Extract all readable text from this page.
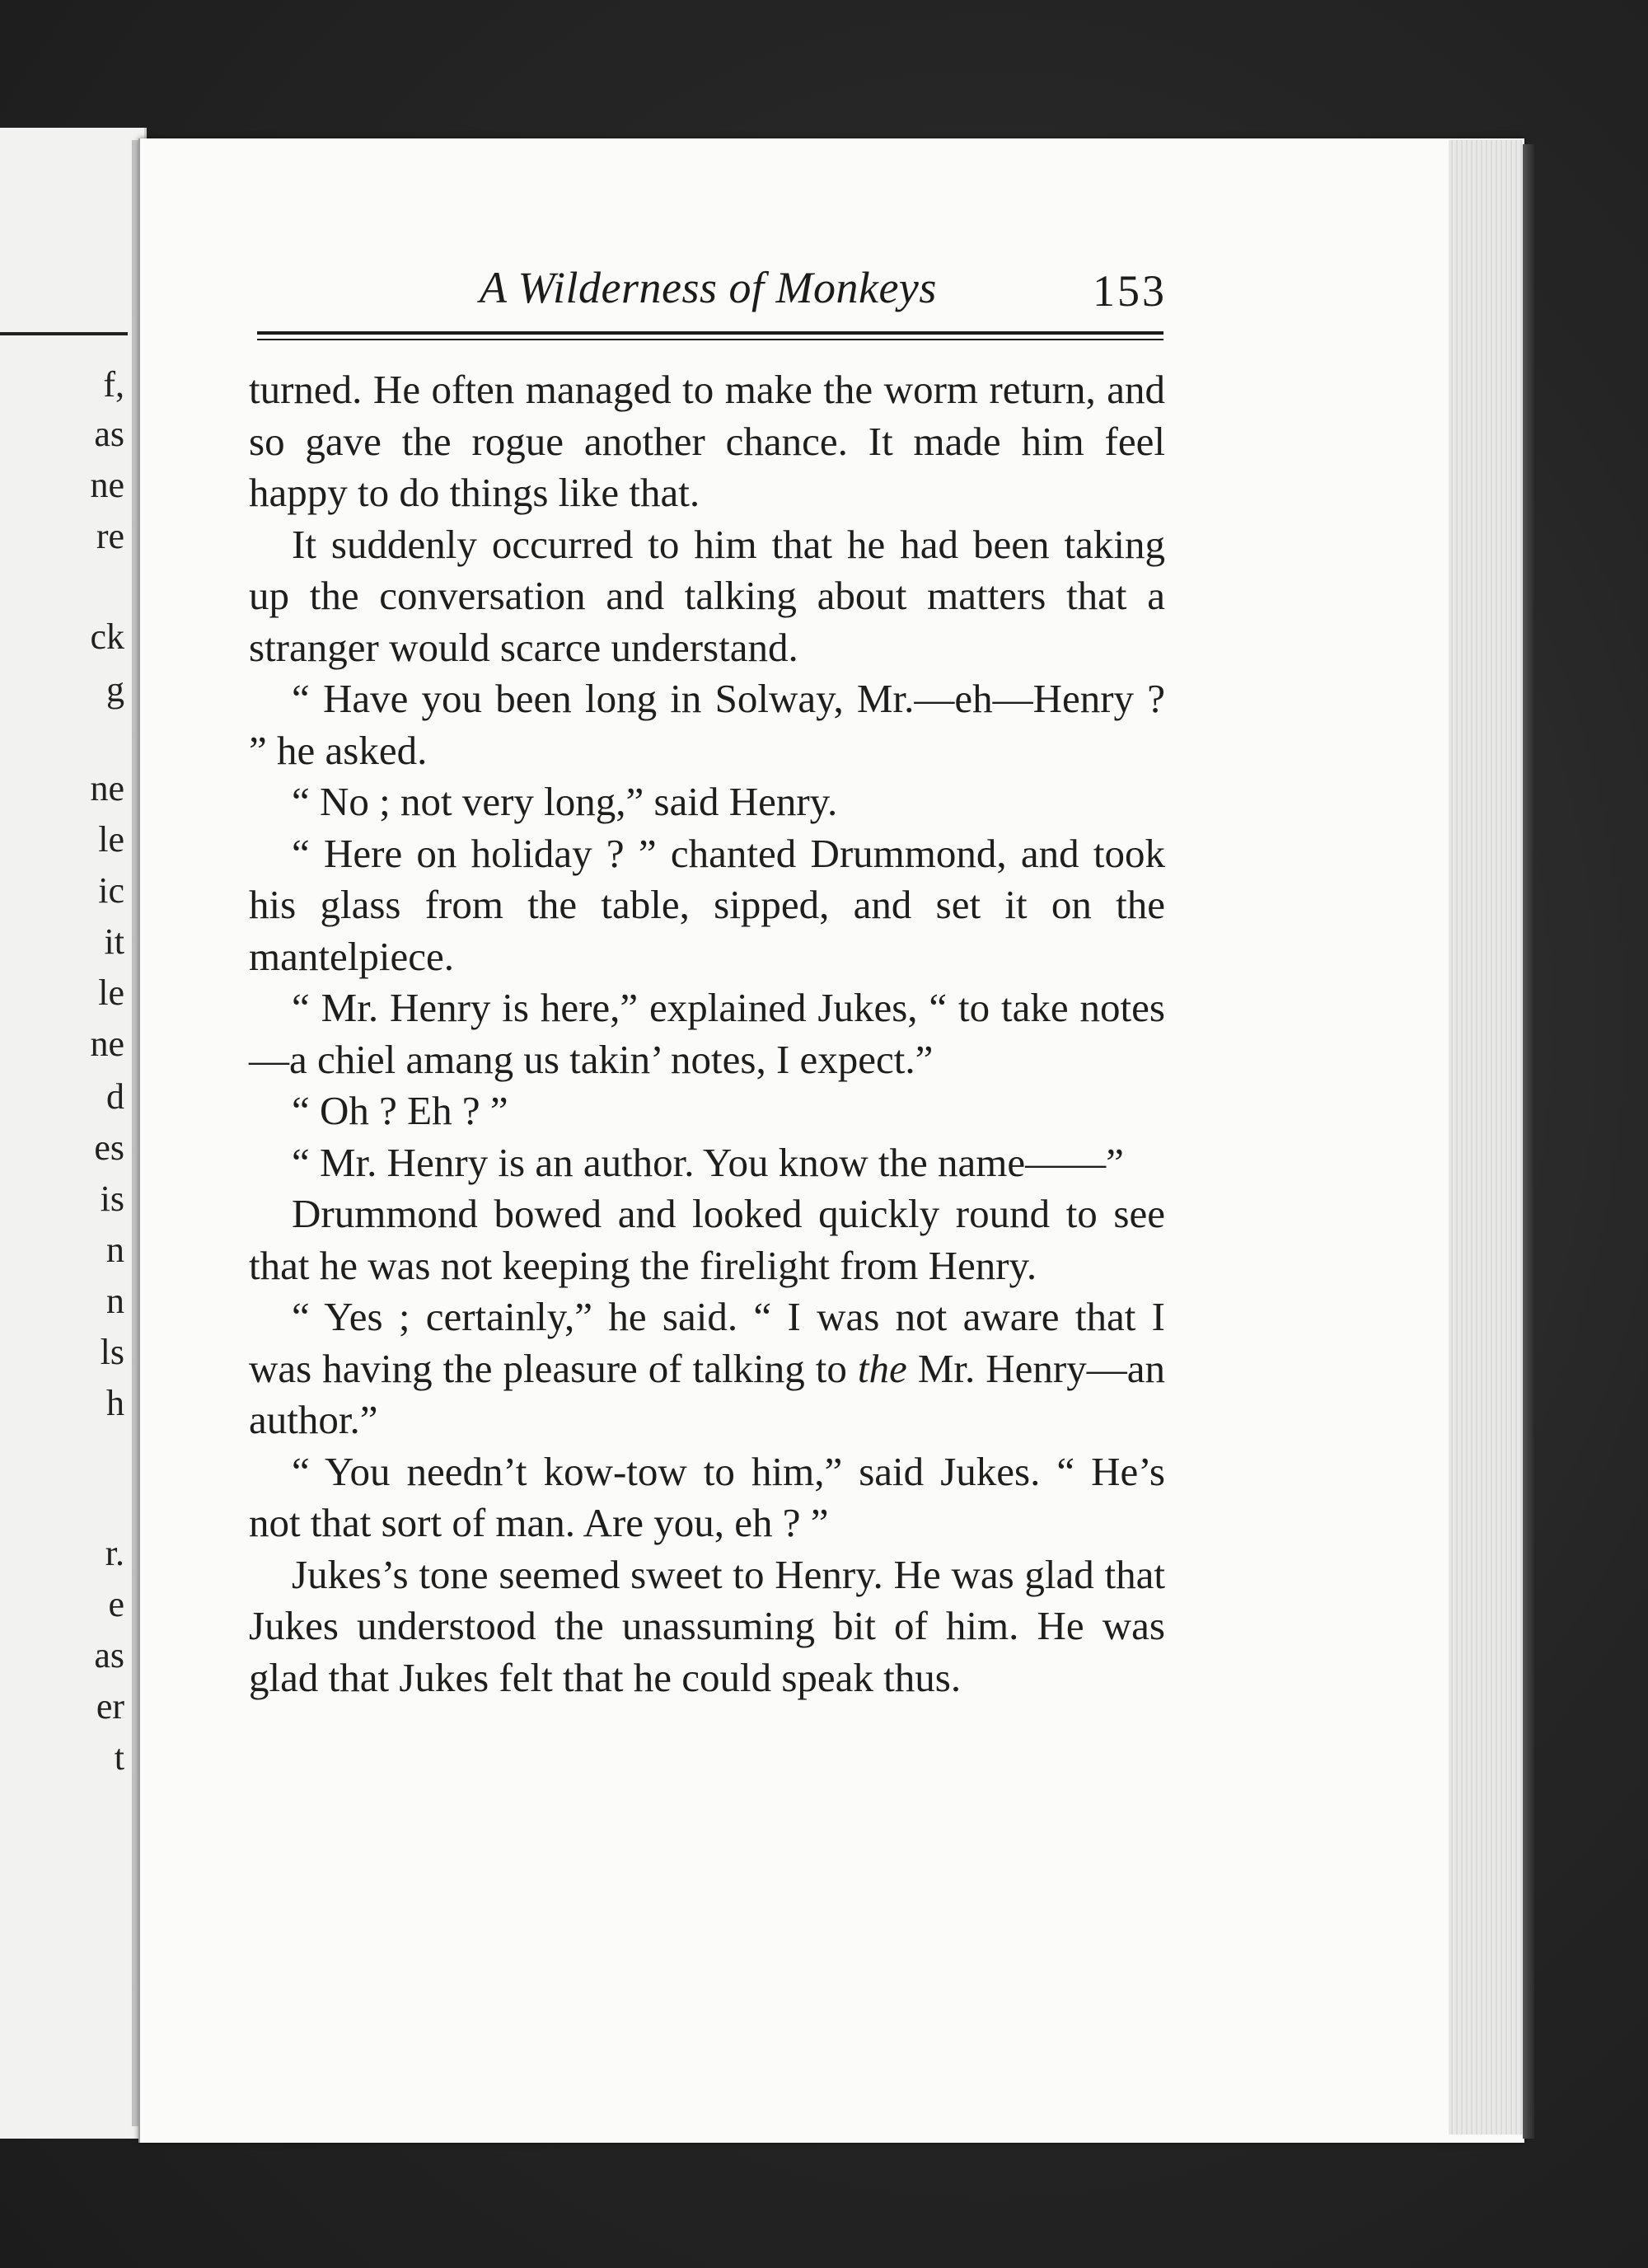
f,
as
ne
re
ck
g
ne
le
ic
it
le
ne
d
es
is
n
n
ls
h
r.
e
as
er
t
A Wilderness of Monkeys	153

turned. He often managed to make the worm return, and so gave the rogue another chance. It made him feel happy to do things like that.

It suddenly occurred to him that he had been taking up the conversation and talking about matters that a stranger would scarce understand.

“ Have you been long in Solway, Mr.—eh—Henry ? ” he asked.

“ No ; not very long,” said Henry.

“ Here on holiday ? ” chanted Drummond, and took his glass from the table, sipped, and set it on the mantelpiece.

“ Mr. Henry is here,” explained Jukes, “ to take notes—a chiel amang us takin’ notes, I expect.”

“ Oh ? Eh ? ”

“ Mr. Henry is an author. You know the name——”

Drummond bowed and looked quickly round to see that he was not keeping the firelight from Henry.

“ Yes ; certainly,” he said. “ I was not aware that I was having the pleasure of talking to the Mr. Henry—an author.”

“ You needn’t kow-tow to him,” said Jukes. “ He’s not that sort of man. Are you, eh ? ”

Jukes’s tone seemed sweet to Henry. He was glad that Jukes understood the unassuming bit of him. He was glad that Jukes felt that he could speak thus.
